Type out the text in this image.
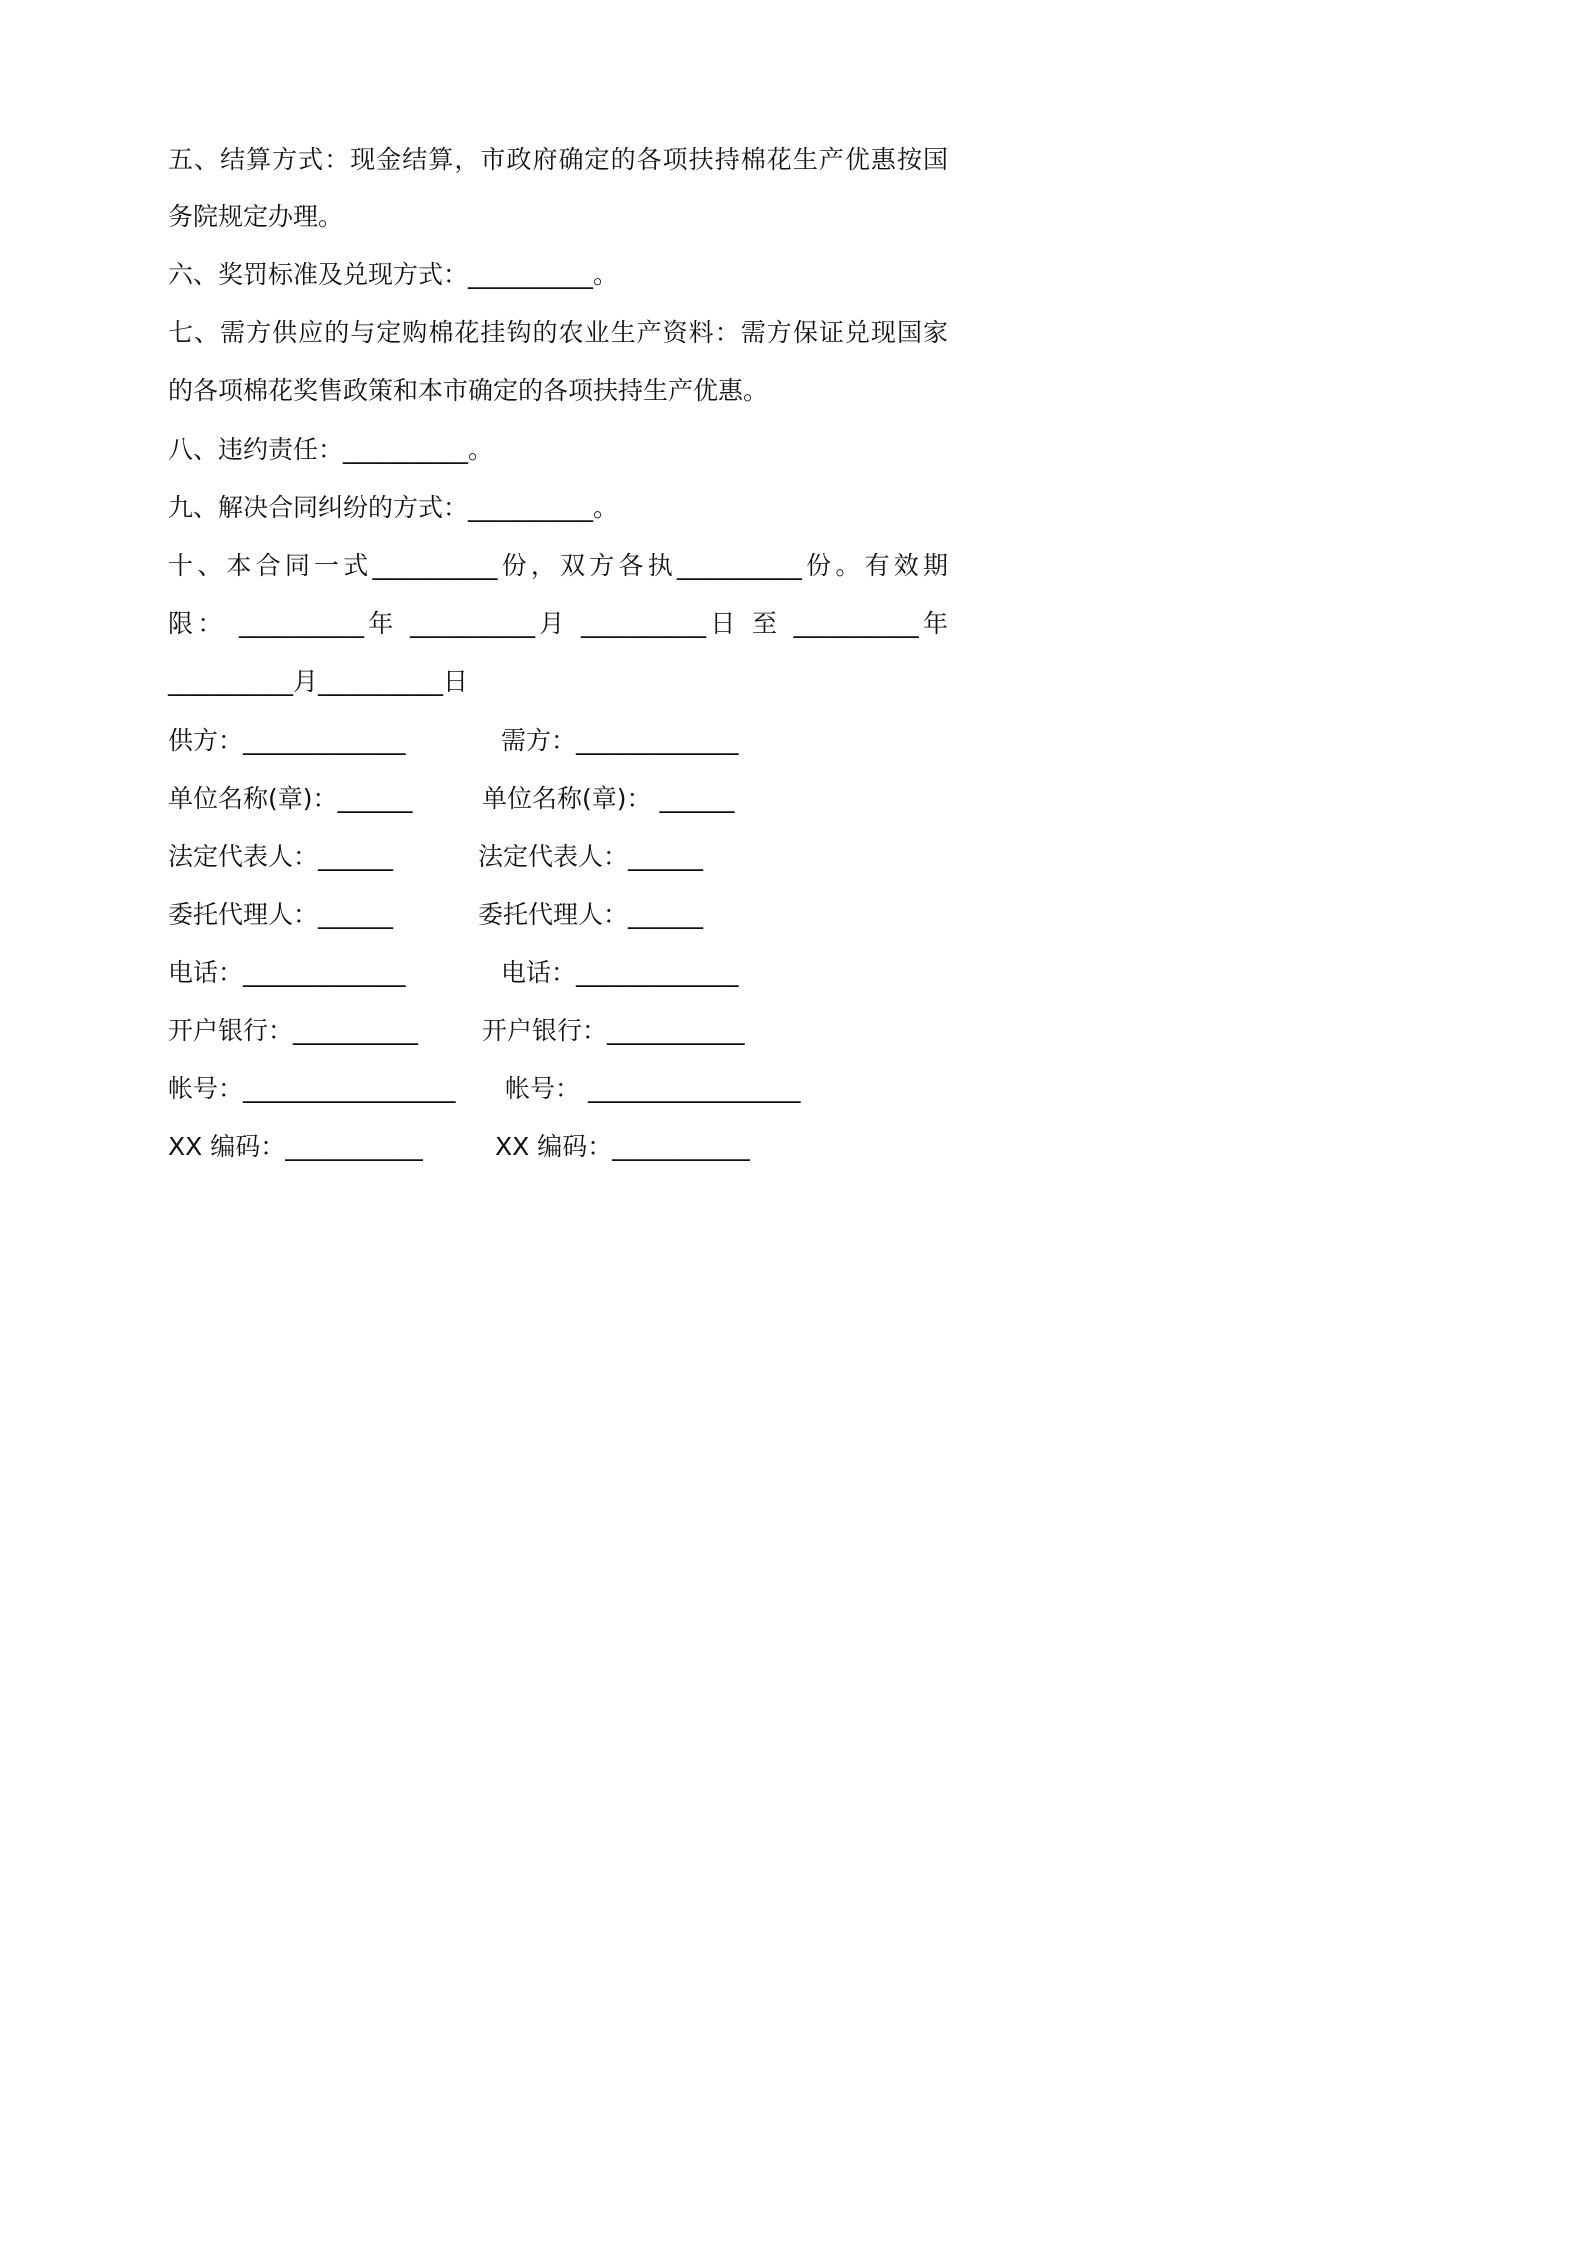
五、结算方式：现金结算，市政府确定的各项扶持棉花生产优惠按国
务院规定办理。
六、奖罚标准及兑现方式：__________。
七、需方供应的与定购棉花挂钩的农业生产资料：需方保证兑现国家
的各项棉花奖售政策和本市确定的各项扶持生产优惠。
八、违约责任：__________。
九、解决合同纠纷的方式：__________。
十、本合同一式__________份，双方各执__________份。有效期
限： __________年 __________月 __________日 至 __________年
__________月__________日
供方：_____________
单位名称(章)：______
法定代表人：______
委托代理人：______
电话：_____________
开户银行：__________
帐号：_________________
XX 编码：___________
需方：_____________
单位名称(章)： ______
法定代表人：______
委托代理人：______
电话：_____________
开户银行：___________
帐号： _________________
XX 编码：___________
